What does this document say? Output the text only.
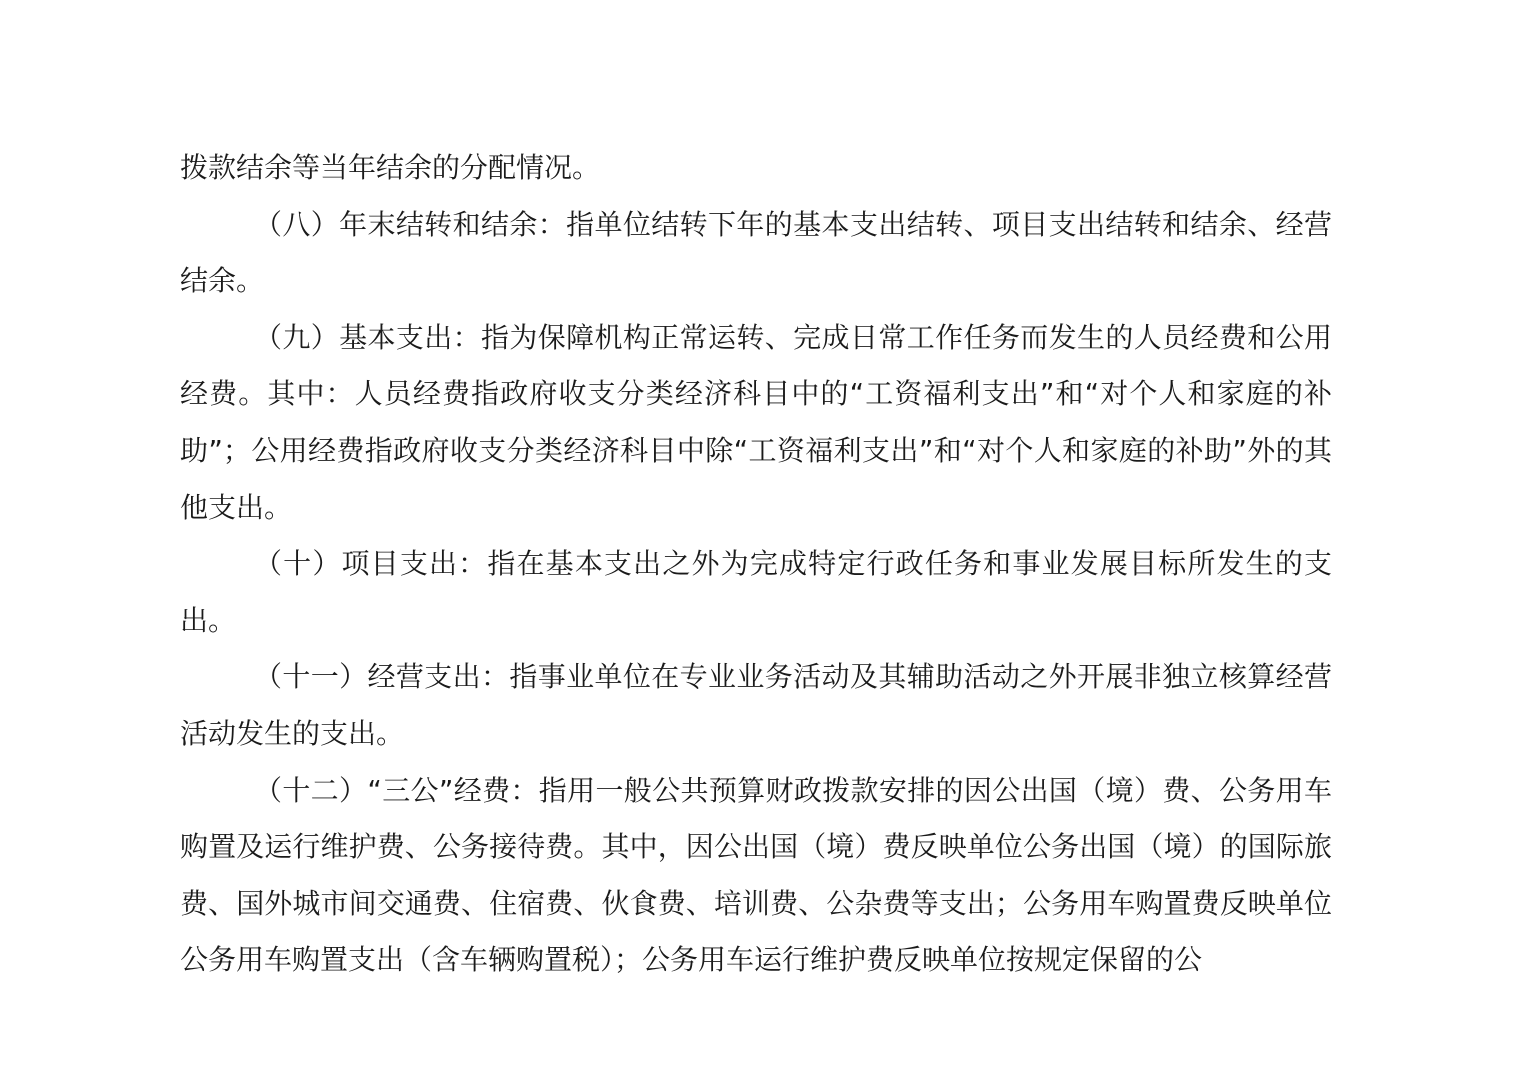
拨款结余等当年结余的分配情况。

（八）年末结转和结余：指单位结转下年的基本支出结转、项目支出结转和结余、经营结余。

（九）基本支出：指为保障机构正常运转、完成日常工作任务而发生的人员经费和公用经费。其中：人员经费指政府收支分类经济科目中的“工资福利支出”和“对个人和家庭的补助”；公用经费指政府收支分类经济科目中除“工资福利支出”和“对个人和家庭的补助”外的其他支出。

（十）项目支出：指在基本支出之外为完成特定行政任务和事业发展目标所发生的支出。

（十一）经营支出：指事业单位在专业业务活动及其辅助活动之外开展非独立核算经营活动发生的支出。

（十二）“三公”经费：指用一般公共预算财政拨款安排的因公出国（境）费、公务用车购置及运行维护费、公务接待费。其中，因公出国（境）费反映单位公务出国（境）的国际旅费、国外城市间交通费、住宿费、伙食费、培训费、公杂费等支出；公务用车购置费反映单位公务用车购置支出（含车辆购置税）；公务用车运行维护费反映单位按规定保留的公
